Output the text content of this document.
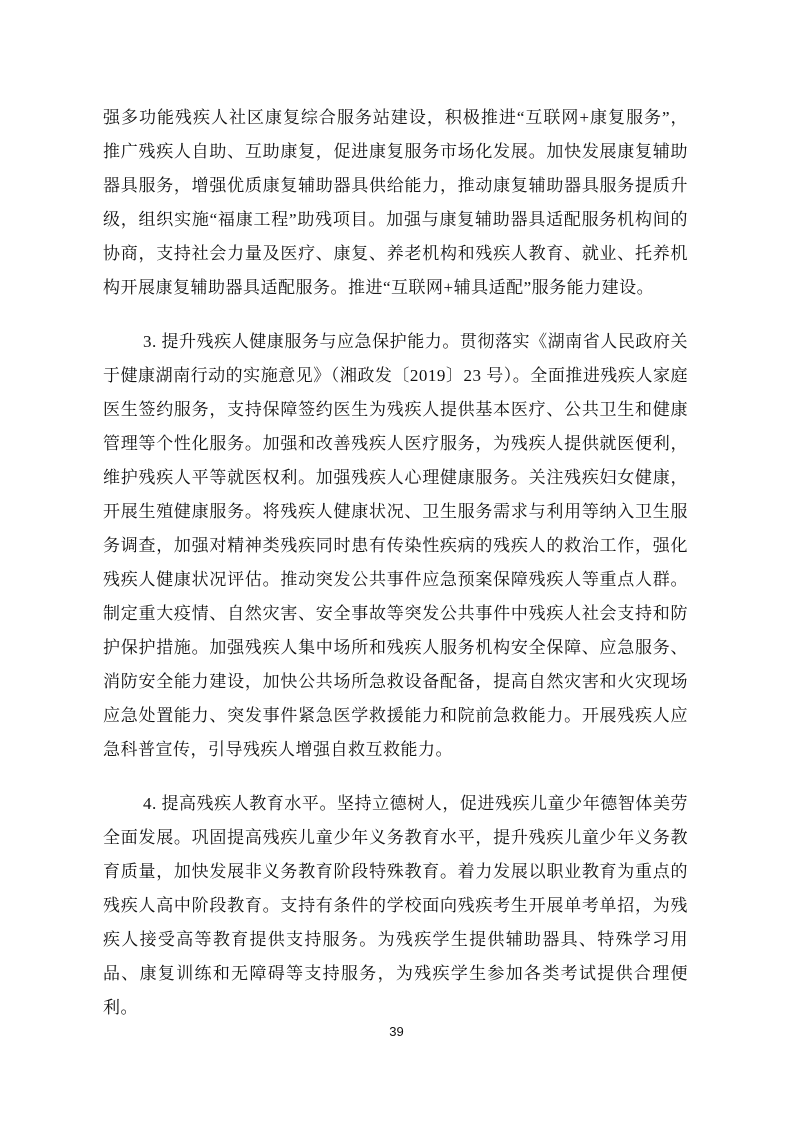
强多功能残疾人社区康复综合服务站建设，积极推进“互联网+康复服务”，推广残疾人自助、互助康复，促进康复服务市场化发展。加快发展康复辅助器具服务，增强优质康复辅助器具供给能力，推动康复辅助器具服务提质升级，组织实施“福康工程”助残项目。加强与康复辅助器具适配服务机构间的协商，支持社会力量及医疗、康复、养老机构和残疾人教育、就业、托养机构开展康复辅助器具适配服务。推进“互联网+辅具适配”服务能力建设。

3. 提升残疾人健康服务与应急保护能力。贯彻落实《湖南省人民政府关于健康湖南行动的实施意见》（湘政发〔2019〕23 号）。全面推进残疾人家庭医生签约服务，支持保障签约医生为残疾人提供基本医疗、公共卫生和健康管理等个性化服务。加强和改善残疾人医疗服务，为残疾人提供就医便利，维护残疾人平等就医权利。加强残疾人心理健康服务。关注残疾妇女健康，开展生殖健康服务。将残疾人健康状况、卫生服务需求与利用等纳入卫生服务调查，加强对精神类残疾同时患有传染性疾病的残疾人的救治工作，强化残疾人健康状况评估。推动突发公共事件应急预案保障残疾人等重点人群。制定重大疫情、自然灾害、安全事故等突发公共事件中残疾人社会支持和防护保护措施。加强残疾人集中场所和残疾人服务机构安全保障、应急服务、消防安全能力建设，加快公共场所急救设备配备，提高自然灾害和火灾现场应急处置能力、突发事件紧急医学救援能力和院前急救能力。开展残疾人应急科普宣传，引导残疾人增强自救互救能力。

4. 提高残疾人教育水平。坚持立德树人，促进残疾儿童少年德智体美劳全面发展。巩固提高残疾儿童少年义务教育水平，提升残疾儿童少年义务教育质量，加快发展非义务教育阶段特殊教育。着力发展以职业教育为重点的残疾人高中阶段教育。支持有条件的学校面向残疾考生开展单考单招，为残疾人接受高等教育提供支持服务。为残疾学生提供辅助器具、特殊学习用品、康复训练和无障碍等支持服务，为残疾学生参加各类考试提供合理便利。

39
